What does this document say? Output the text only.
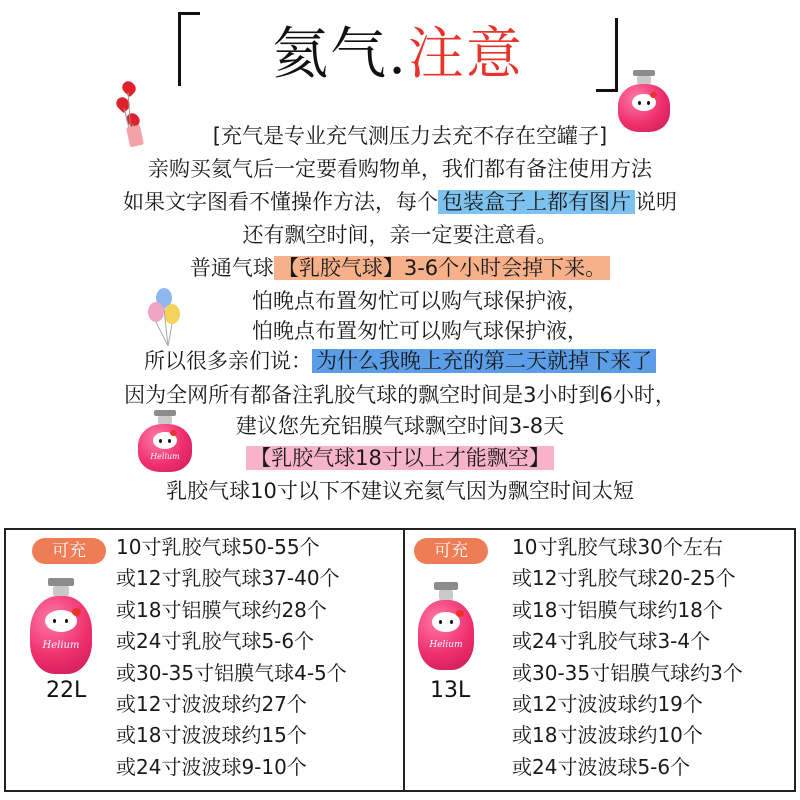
氦气.注意
Helium
[充气是专业充气测压力去充不存在空罐子]
亲购买氦气后一定要看购物单，我们都有备注使用方法
如果文字图看不懂操作方法，每个 包装盒子上都有图片 说明
还有飘空时间，亲一定要注意看。
普通气球 【乳胶气球】3-6个小时会掉下来。
怕晚点布置匆忙可以购气球保护液，
怕晚点布置匆忙可以购气球保护液，
所以很多亲们说： 为什么我晚上充的第二天就掉下来了
因为全网所有都备注乳胶气球的飘空时间是3小时到6小时，
建议您先充铝膜气球飘空时间3-8天
【乳胶气球18寸以上才能飘空】
乳胶气球10寸以下不建议充氦气因为飘空时间太短
可充
Helium
22L
10寸乳胶气球50-55个
或12寸乳胶气球37-40个
或18寸铝膜气球约28个
或24寸乳胶气球5-6个
或30-35寸铝膜气球4-5个
或12寸波波球约27个
或18寸波波球约15个
或24寸波波球9-10个
可充
Helium
13L
10寸乳胶气球30个左右
或12寸乳胶气球20-25个
或18寸铝膜气球约18个
或24寸乳胶气球3-4个
或30-35寸铝膜气球约3个
或12寸波波球约19个
或18寸波波球约10个
或24寸波波球5-6个
